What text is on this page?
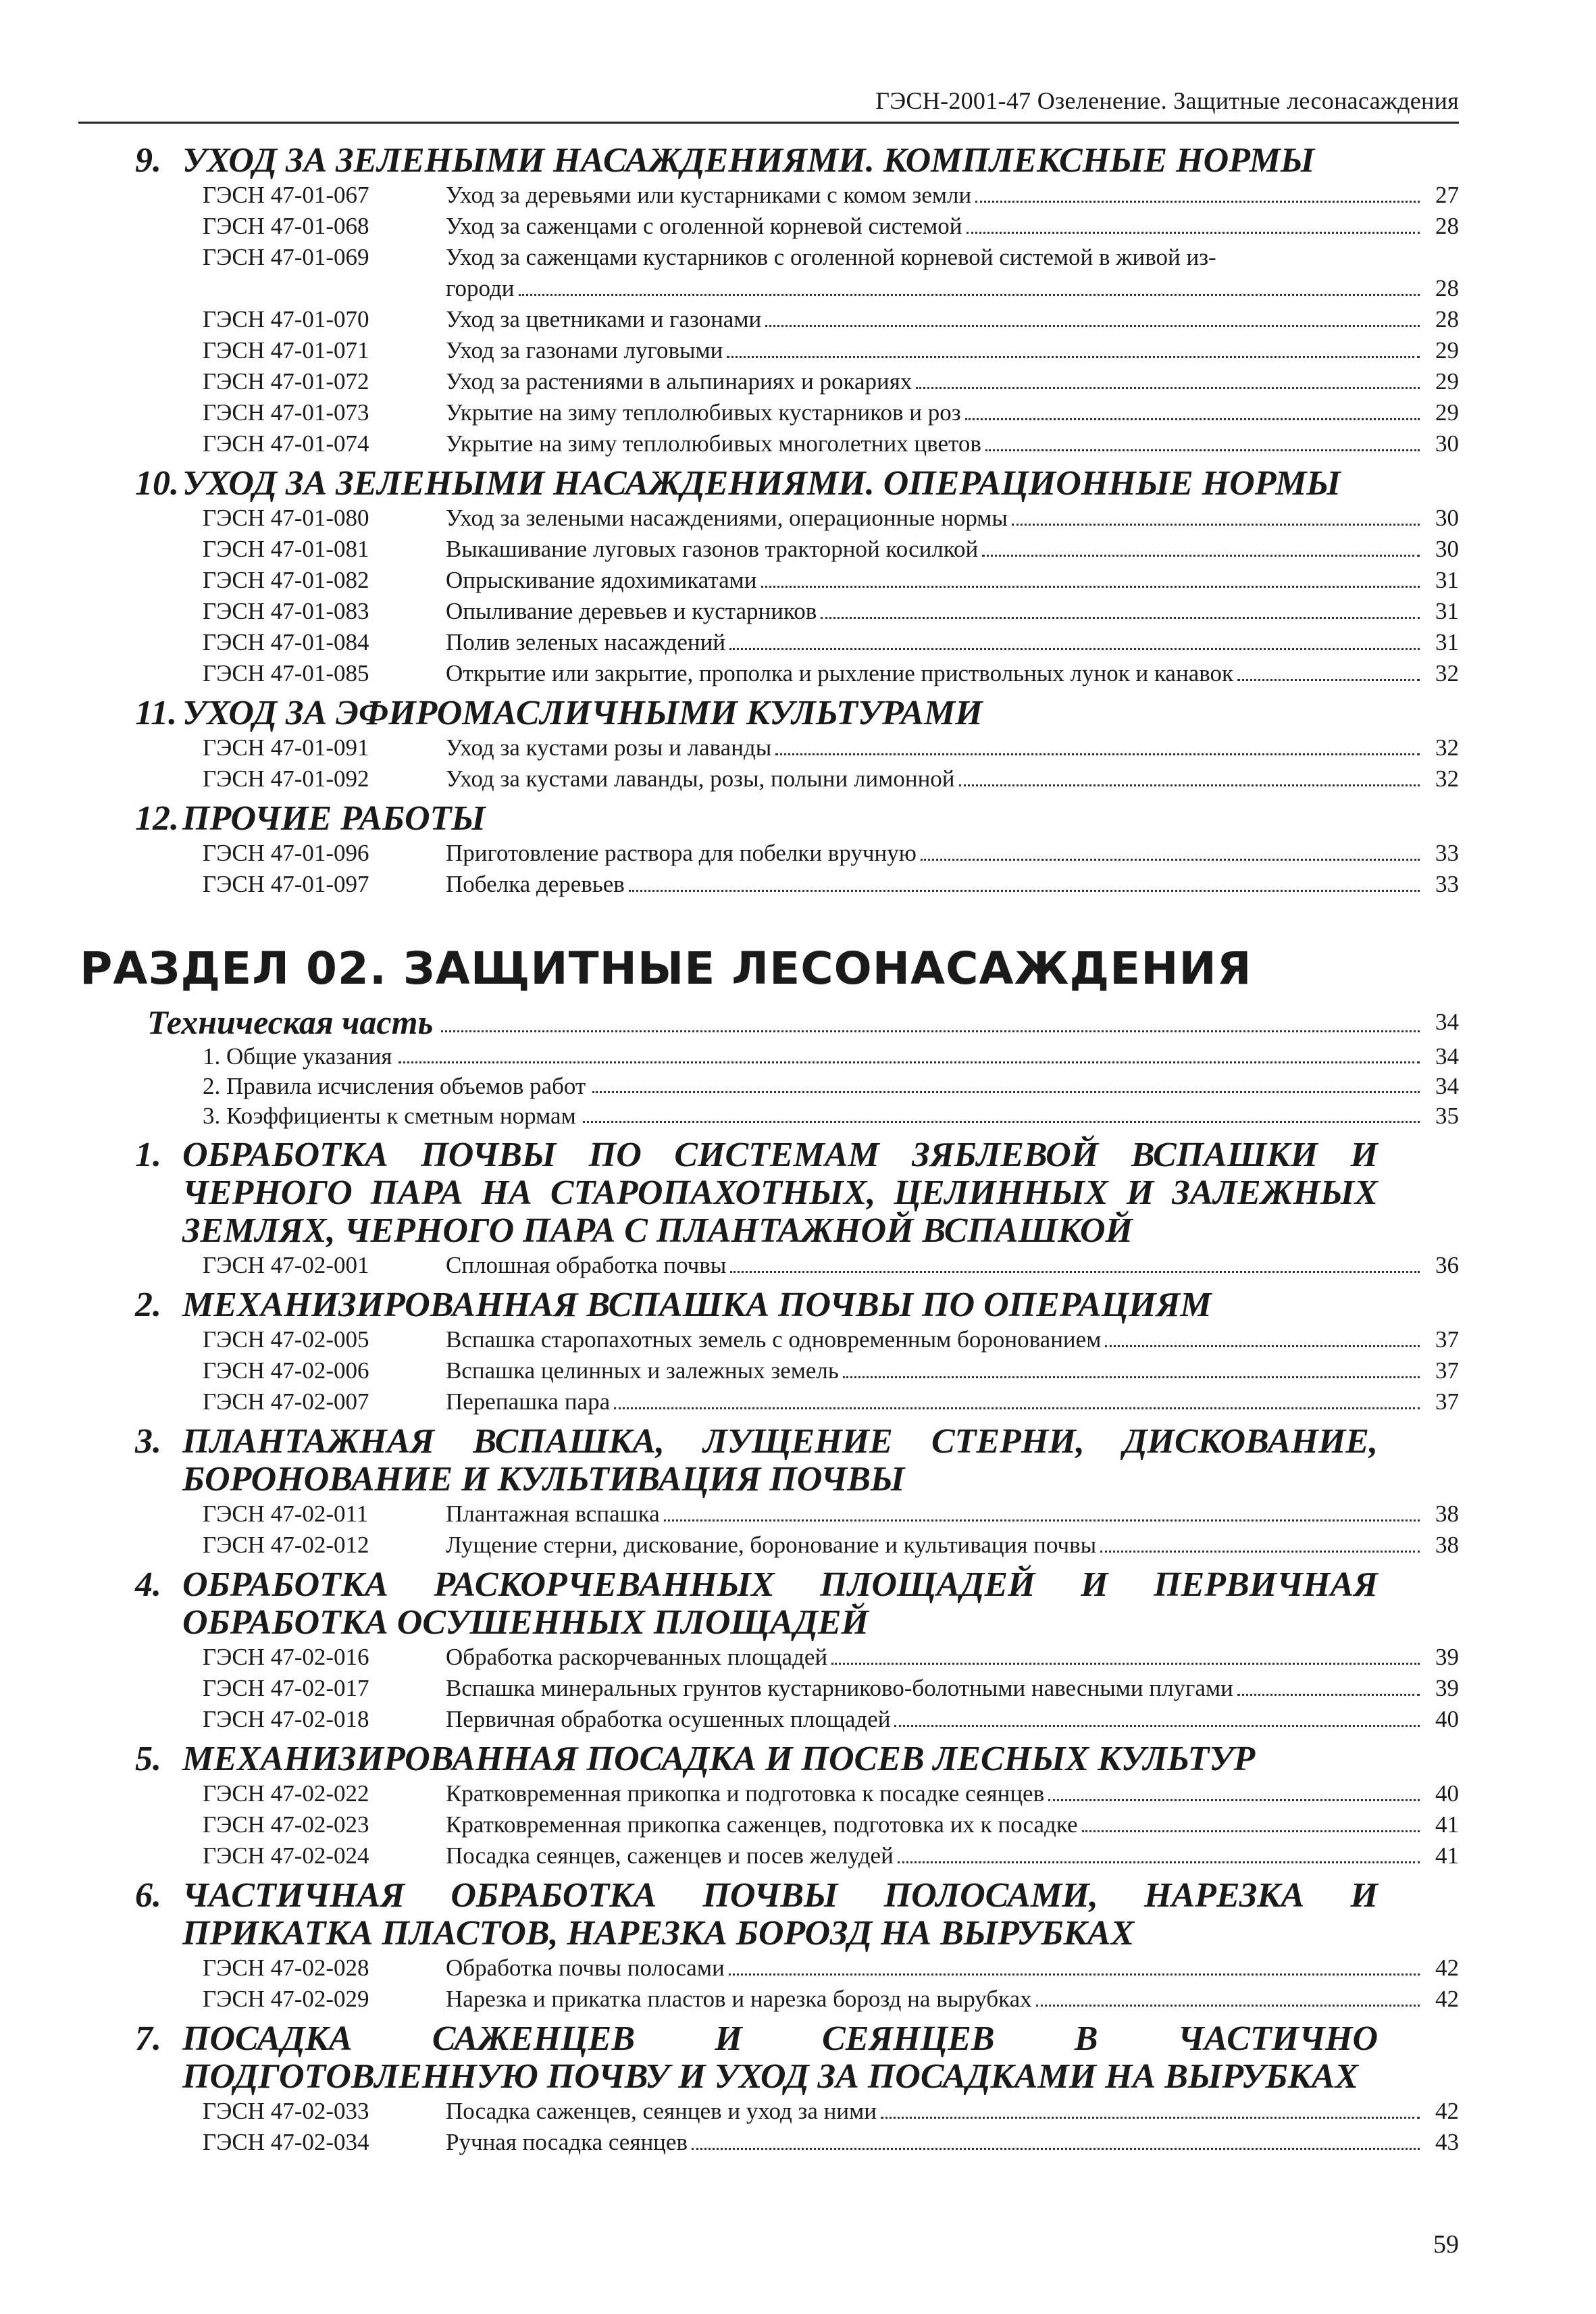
ГЭСН-2001-47 Озеленение. Защитные лесонасаждения
9. УХОД ЗА ЗЕЛЕНЫМИ НАСАЖДЕНИЯМИ. КОМПЛЕКСНЫЕ НОРМЫ
ГЭСН 47-01-067	Уход за деревьями или кустарниками с комом земли	27
ГЭСН 47-01-068	Уход за саженцами с оголенной корневой системой	28
ГЭСН 47-01-069	Уход за саженцами кустарников с оголенной корневой системой в живой из-
городи	28
ГЭСН 47-01-070	Уход за цветниками и газонами	28
ГЭСН 47-01-071	Уход за газонами луговыми	29
ГЭСН 47-01-072	Уход за растениями в альпинариях и рокариях	29
ГЭСН 47-01-073	Укрытие на зиму теплолюбивых кустарников и роз	29
ГЭСН 47-01-074	Укрытие на зиму теплолюбивых многолетних цветов	30
10. УХОД ЗА ЗЕЛЕНЫМИ НАСАЖДЕНИЯМИ. ОПЕРАЦИОННЫЕ НОРМЫ
ГЭСН 47-01-080	Уход за зелеными насаждениями, операционные нормы	30
ГЭСН 47-01-081	Выкашивание луговых газонов тракторной косилкой	30
ГЭСН 47-01-082	Опрыскивание ядохимикатами	31
ГЭСН 47-01-083	Опыливание деревьев и кустарников	31
ГЭСН 47-01-084	Полив зеленых насаждений	31
ГЭСН 47-01-085	Открытие или закрытие, прополка и рыхление приствольных лунок и канавок	32
11. УХОД ЗА ЭФИРОМАСЛИЧНЫМИ КУЛЬТУРАМИ
ГЭСН 47-01-091	Уход за кустами розы и лаванды	32
ГЭСН 47-01-092	Уход за кустами лаванды, розы, полыни лимонной	32
12. ПРОЧИЕ РАБОТЫ
ГЭСН 47-01-096	Приготовление раствора для побелки вручную	33
ГЭСН 47-01-097	Побелка деревьев	33
РАЗДЕЛ 02. ЗАЩИТНЫЕ ЛЕСОНАСАЖДЕНИЯ
Техническая часть	34
1. Общие указания	34
2. Правила исчисления объемов работ	34
3. Коэффициенты к сметным нормам	35
1. ОБРАБОТКА ПОЧВЫ ПО СИСТЕМАМ ЗЯБЛЕВОЙ ВСПАШКИ И ЧЕРНОГО ПАРА НА СТАРОПАХОТНЫХ, ЦЕЛИННЫХ И ЗАЛЕЖНЫХ ЗЕМЛЯХ, ЧЕРНОГО ПАРА С ПЛАНТАЖНОЙ ВСПАШКОЙ
ГЭСН 47-02-001	Сплошная обработка почвы	36
2. МЕХАНИЗИРОВАННАЯ ВСПАШКА ПОЧВЫ ПО ОПЕРАЦИЯМ
ГЭСН 47-02-005	Вспашка старопахотных земель с одновременным боронованием	37
ГЭСН 47-02-006	Вспашка целинных и залежных земель	37
ГЭСН 47-02-007	Перепашка пара	37
3. ПЛАНТАЖНАЯ ВСПАШКА, ЛУЩЕНИЕ СТЕРНИ, ДИСКОВАНИЕ, БОРОНОВАНИЕ И КУЛЬТИВАЦИЯ ПОЧВЫ
ГЭСН 47-02-011	Плантажная вспашка	38
ГЭСН 47-02-012	Лущение стерни, дискование, боронование и культивация почвы	38
4. ОБРАБОТКА РАСКОРЧЕВАННЫХ ПЛОЩАДЕЙ И ПЕРВИЧНАЯ ОБРАБОТКА ОСУШЕННЫХ ПЛОЩАДЕЙ
ГЭСН 47-02-016	Обработка раскорчеванных площадей	39
ГЭСН 47-02-017	Вспашка минеральных грунтов кустарниково-болотными навесными плугами	39
ГЭСН 47-02-018	Первичная обработка осушенных площадей	40
5. МЕХАНИЗИРОВАННАЯ ПОСАДКА И ПОСЕВ ЛЕСНЫХ КУЛЬТУР
ГЭСН 47-02-022	Кратковременная прикопка и подготовка к посадке сеянцев	40
ГЭСН 47-02-023	Кратковременная прикопка саженцев, подготовка их к посадке	41
ГЭСН 47-02-024	Посадка сеянцев, саженцев и посев желудей	41
6. ЧАСТИЧНАЯ ОБРАБОТКА ПОЧВЫ ПОЛОСАМИ, НАРЕЗКА И ПРИКАТКА ПЛАСТОВ, НАРЕЗКА БОРОЗД НА ВЫРУБКАХ
ГЭСН 47-02-028	Обработка почвы полосами	42
ГЭСН 47-02-029	Нарезка и прикатка пластов и нарезка борозд на вырубках	42
7. ПОСАДКА САЖЕНЦЕВ И СЕЯНЦЕВ В ЧАСТИЧНО ПОДГОТОВЛЕННУЮ ПОЧВУ И УХОД ЗА ПОСАДКАМИ НА ВЫРУБКАХ
ГЭСН 47-02-033	Посадка саженцев, сеянцев и уход за ними	42
ГЭСН 47-02-034	Ручная посадка сеянцев	43
59
